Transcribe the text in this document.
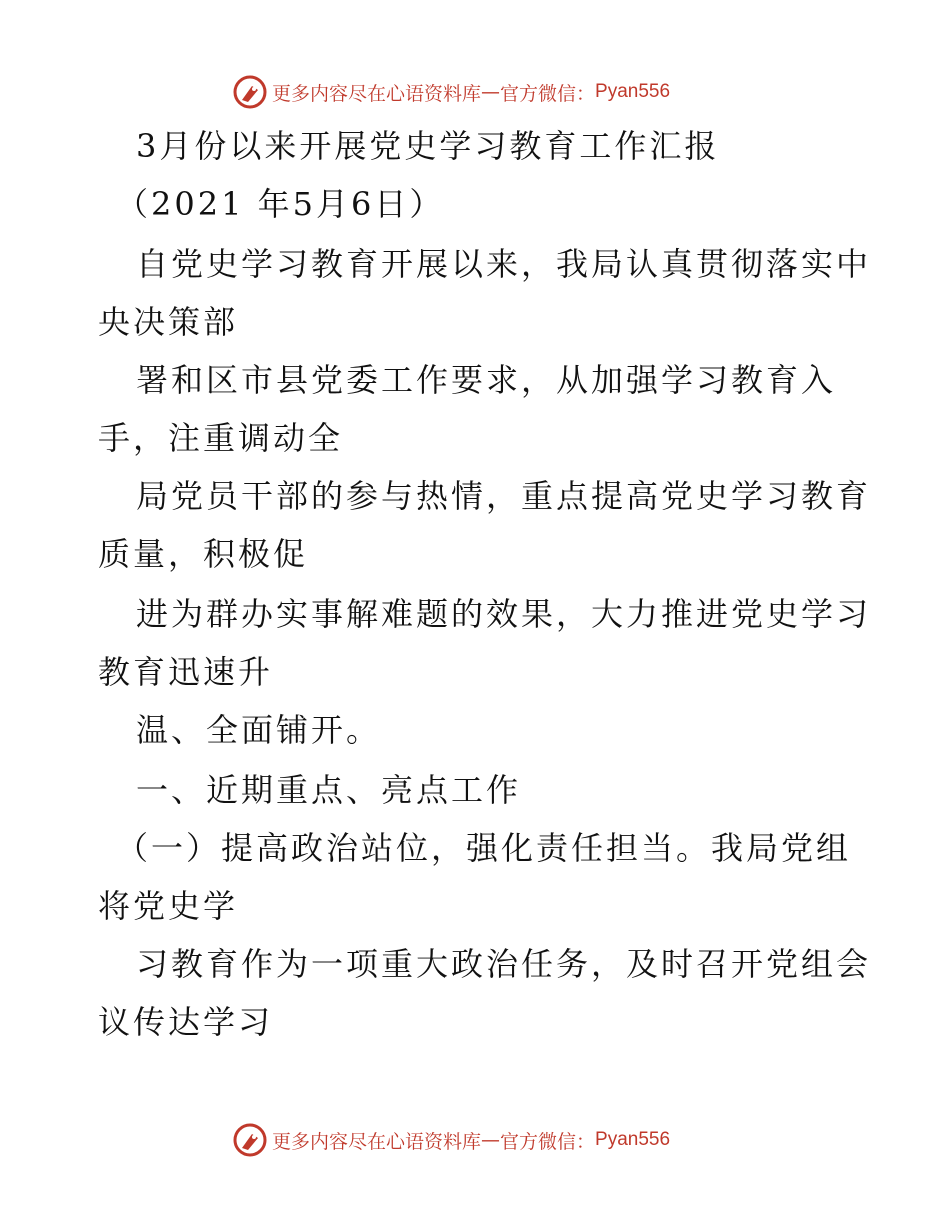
更多内容尽在心语资料库 — 官方微信： Pyan556
3月份以来开展党史学习教育工作汇报
（2021 年5月6日）
自党史学习教育开展以来，我局认真贯彻落实中
央决策部
署和区市县党委工作要求，从加强学习教育入
手，注重调动全
局党员干部的参与热情，重点提高党史学习教育
质量，积极促
进为群办实事解难题的效果，大力推进党史学习
教育迅速升
温、全面铺开。
一、近期重点、亮点工作
（一）提高政治站位，强化责任担当。我局党组
将党史学
习教育作为一项重大政治任务，及时召开党组会
议传达学习
更多内容尽在心语资料库 — 官方微信： Pyan556
